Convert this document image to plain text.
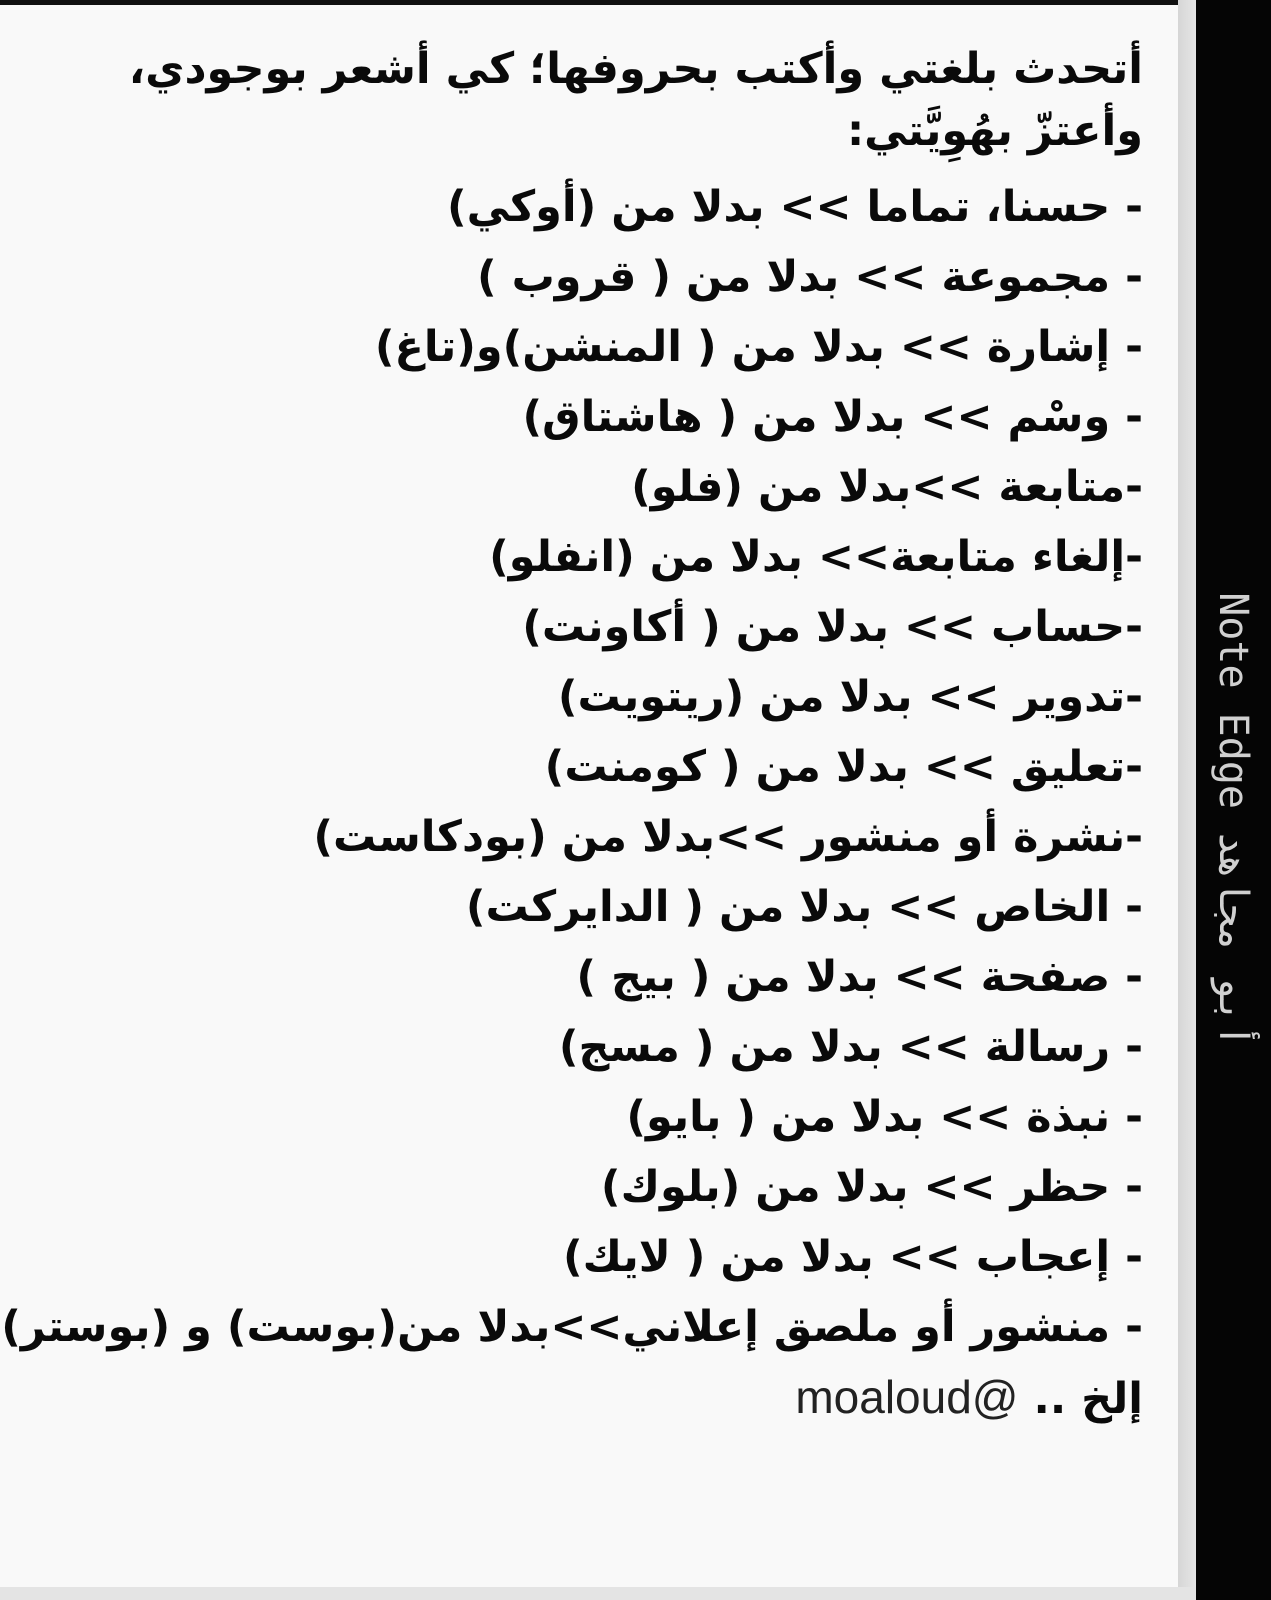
Note Edgeأبو مجاهد
أتحدث بلغتي وأكتب بحروفها؛ كي أشعر بوجودي،
وأعتزّ بهُوِيَّتي:
- حسنا، تماما >> بدلا من (أوكي)
- مجموعة >> بدلا من ( قروب )
- إشارة >> بدلا من ( المنشن)و(تاغ)
- وسْم >> بدلا من ( هاشتاق)
-متابعة >>بدلا من (فلو)
-إلغاء متابعة>> بدلا من (انفلو)
-حساب >> بدلا من ( أكاونت)
-تدوير >> بدلا من (ريتويت)
-تعليق >> بدلا من ( كومنت)
-نشرة أو منشور >>بدلا من (بودكاست)
- الخاص >> بدلا من ( الدايركت)
- صفحة >> بدلا من ( بيج )
- رسالة >> بدلا من ( مسج)
- نبذة >> بدلا من ( بايو)
- حظر >> بدلا من (بلوك)
- إعجاب >> بدلا من ( لايك)
- منشور أو ملصق إعلاني>>بدلا من(بوست) و (بوستر)
إلخ .. @moaloud
